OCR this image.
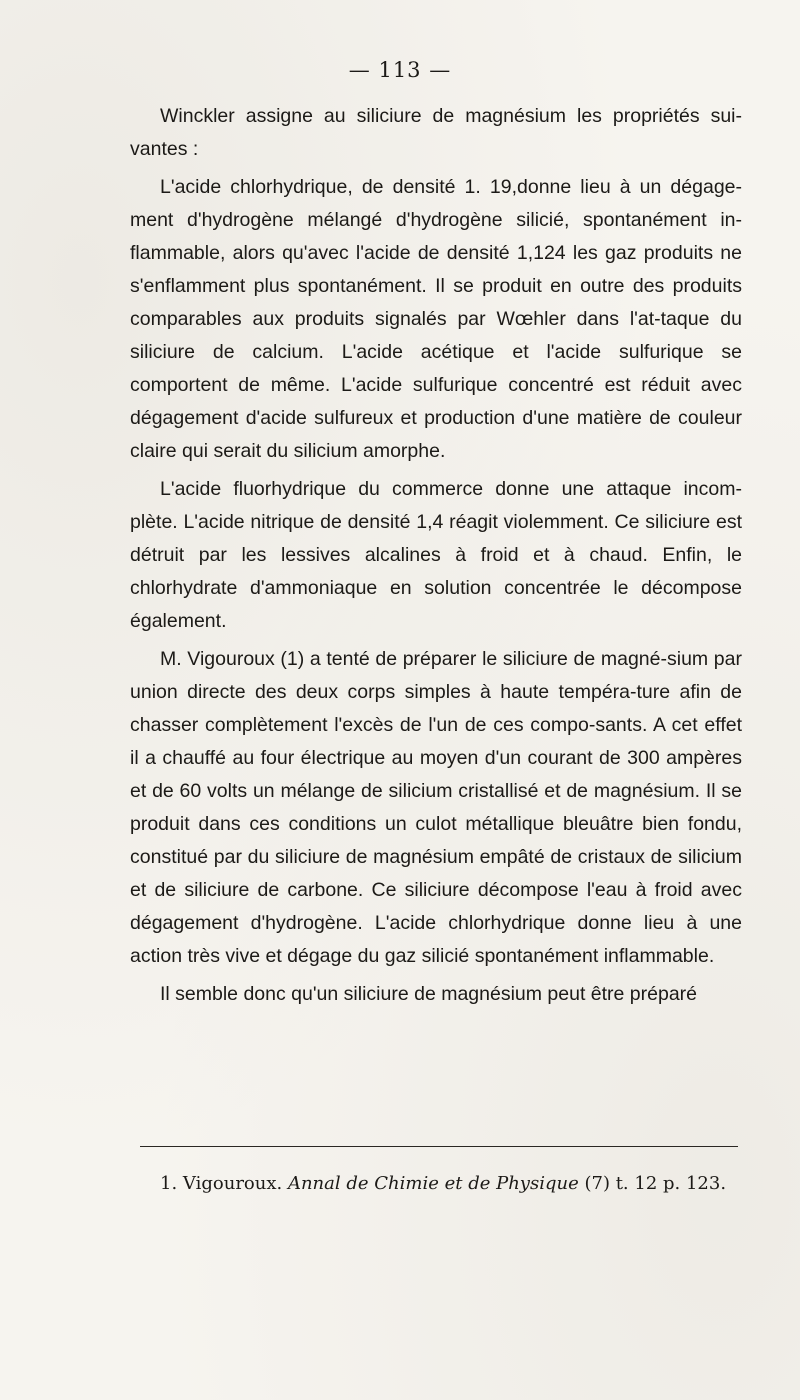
— 113 —

Winckler assigne au siliciure de magnésium les propriétés sui-vantes :

L'acide chlorhydrique, de densité 1. 19,donne lieu à un dégage-ment d'hydrogène mélangé d'hydrogène silicié, spontanément in-flammable, alors qu'avec l'acide de densité 1,124 les gaz produits ne s'enflamment plus spontanément. Il se produit en outre des produits comparables aux produits signalés par Wœhler dans l'at-taque du siliciure de calcium. L'acide acétique et l'acide sulfurique se comportent de même. L'acide sulfurique concentré est réduit avec dégagement d'acide sulfureux et production d'une matière de couleur claire qui serait du silicium amorphe.

L'acide fluorhydrique du commerce donne une attaque incom-plète. L'acide nitrique de densité 1,4 réagit violemment. Ce siliciure est détruit par les lessives alcalines à froid et à chaud. Enfin, le chlorhydrate d'ammoniaque en solution concentrée le décompose également.

M. Vigouroux (1) a tenté de préparer le siliciure de magné-sium par union directe des deux corps simples à haute tempéra-ture afin de chasser complètement l'excès de l'un de ces compo-sants. A cet effet il a chauffé au four électrique au moyen d'un courant de 300 ampères et de 60 volts un mélange de silicium cristallisé et de magnésium. Il se produit dans ces conditions un culot métallique bleuâtre bien fondu, constitué par du siliciure de magnésium empâté de cristaux de silicium et de siliciure de carbone. Ce siliciure décompose l'eau à froid avec dégagement d'hydrogène. L'acide chlorhydrique donne lieu à une action très vive et dégage du gaz silicié spontanément inflammable.

Il semble donc qu'un siliciure de magnésium peut être préparé

1. Vigouroux. Annal de Chimie et de Physique (7) t. 12 p. 123.
